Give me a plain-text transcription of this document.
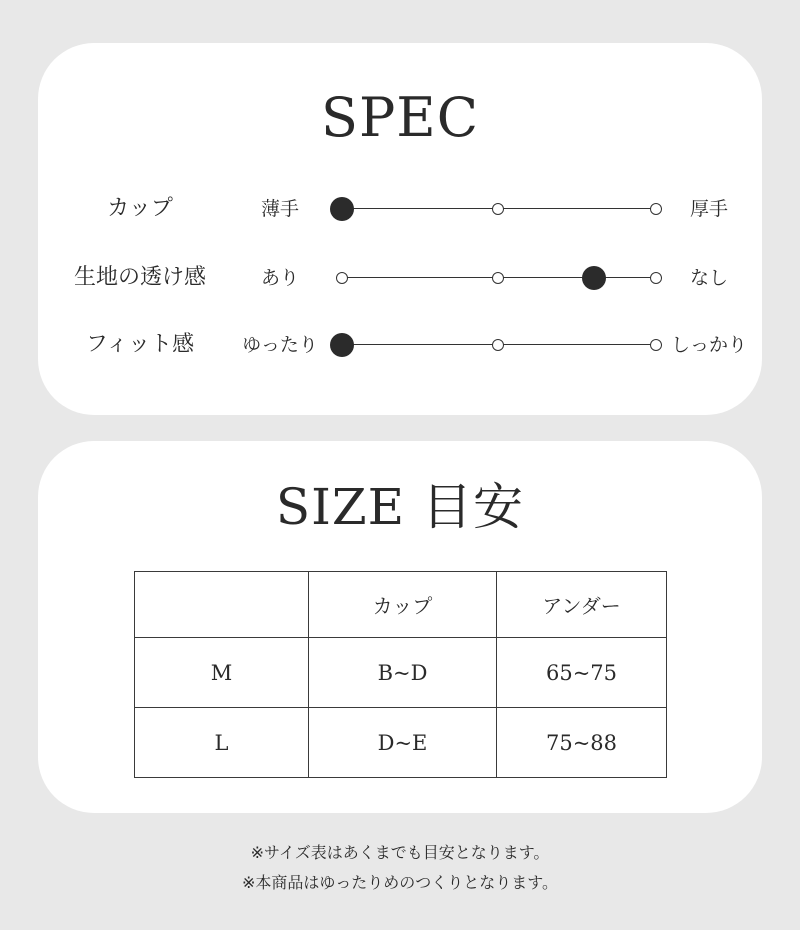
SPEC
カップ	薄手	厚手
生地の透け感	あり	なし
フィット感	ゆったり	しっかり
SIZE 目安
	カップ	アンダー
M	B~D	65~75
L	D~E	75~88
※サイズ表はあくまでも目安となります。
※本商品はゆったりめのつくりとなります。
